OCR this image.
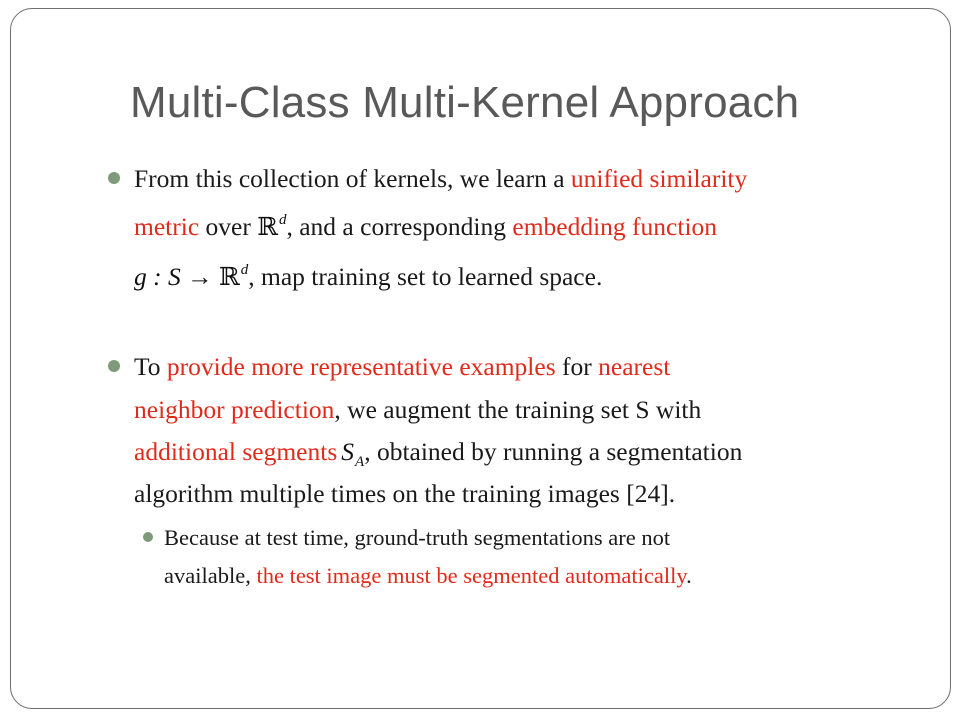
Multi-Class Multi-Kernel Approach
From this collection of kernels, we learn a unified similarity
metric over ℝ$^d$, and a corresponding embedding function
g : S → ℝ$^d$, map training set to learned space.
To provide more representative examples for nearest
neighbor prediction, we augment the training set S with
additional segments $S_A$, obtained by running a segmentation
algorithm multiple times on the training images [24].
Because at test time, ground-truth segmentations are not
available, the test image must be segmented automatically.
